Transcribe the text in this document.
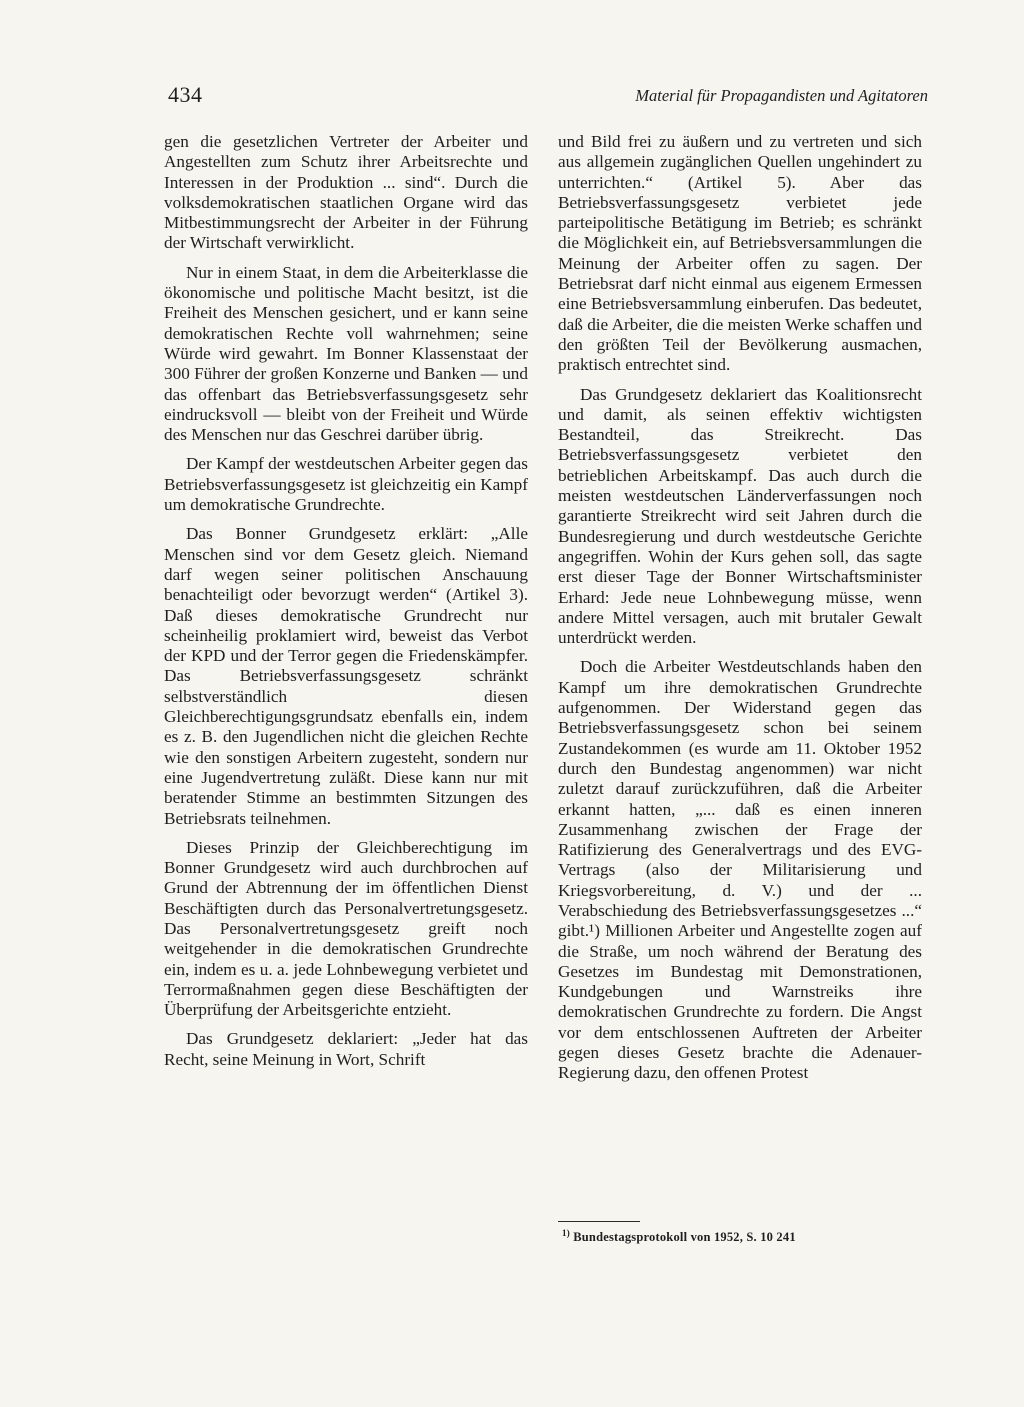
434	Material für Propagandisten und Agitatoren

gen die gesetzlichen Vertreter der Arbeiter und Angestellten zum Schutz ihrer Arbeitsrechte und Interessen in der Produktion ... sind“. Durch die volksdemokratischen staatlichen Organe wird das Mitbestimmungsrecht der Arbeiter in der Führung der Wirtschaft verwirklicht.

Nur in einem Staat, in dem die Arbeiterklasse die ökonomische und politische Macht besitzt, ist die Freiheit des Menschen gesichert, und er kann seine demokratischen Rechte voll wahrnehmen; seine Würde wird gewahrt. Im Bonner Klassenstaat der 300 Führer der großen Konzerne und Banken — und das offenbart das Betriebsverfassungsgesetz sehr eindrucksvoll — bleibt von der Freiheit und Würde des Menschen nur das Geschrei darüber übrig.

Der Kampf der westdeutschen Arbeiter gegen das Betriebsverfassungsgesetz ist gleichzeitig ein Kampf um demokratische Grundrechte.

Das Bonner Grundgesetz erklärt: „Alle Menschen sind vor dem Gesetz gleich. Niemand darf wegen seiner politischen Anschauung benachteiligt oder bevorzugt werden“ (Artikel 3). Daß dieses demokratische Grundrecht nur scheinheilig proklamiert wird, beweist das Verbot der KPD und der Terror gegen die Friedenskämpfer. Das Betriebsverfassungsgesetz schränkt selbstverständlich diesen Gleichberechtigungsgrundsatz ebenfalls ein, indem es z. B. den Jugendlichen nicht die gleichen Rechte wie den sonstigen Arbeitern zugesteht, sondern nur eine Jugendvertretung zuläßt. Diese kann nur mit beratender Stimme an bestimmten Sitzungen des Betriebsrats teilnehmen.

Dieses Prinzip der Gleichberechtigung im Bonner Grundgesetz wird auch durchbrochen auf Grund der Abtrennung der im öffentlichen Dienst Beschäftigten durch das Personalvertretungsgesetz. Das Personalvertretungsgesetz greift noch weitgehender in die demokratischen Grundrechte ein, indem es u. a. jede Lohnbewegung verbietet und Terrormaßnahmen gegen diese Beschäftigten der Überprüfung der Arbeitsgerichte entzieht.

Das Grundgesetz deklariert: „Jeder hat das Recht, seine Meinung in Wort, Schrift

und Bild frei zu äußern und zu vertreten und sich aus allgemein zugänglichen Quellen ungehindert zu unterrichten.“ (Artikel 5). Aber das Betriebsverfassungsgesetz verbietet jede parteipolitische Betätigung im Betrieb; es schränkt die Möglichkeit ein, auf Betriebsversammlungen die Meinung der Arbeiter offen zu sagen. Der Betriebsrat darf nicht einmal aus eigenem Ermessen eine Betriebsversammlung einberufen. Das bedeutet, daß die Arbeiter, die die meisten Werke schaffen und den größten Teil der Bevölkerung ausmachen, praktisch entrechtet sind.

Das Grundgesetz deklariert das Koalitionsrecht und damit, als seinen effektiv wichtigsten Bestandteil, das Streikrecht. Das Betriebsverfassungsgesetz verbietet den betrieblichen Arbeitskampf. Das auch durch die meisten westdeutschen Länderverfassungen noch garantierte Streikrecht wird seit Jahren durch die Bundesregierung und durch westdeutsche Gerichte angegriffen. Wohin der Kurs gehen soll, das sagte erst dieser Tage der Bonner Wirtschaftsminister Erhard: Jede neue Lohnbewegung müsse, wenn andere Mittel versagen, auch mit brutaler Gewalt unterdrückt werden.

Doch die Arbeiter Westdeutschlands haben den Kampf um ihre demokratischen Grundrechte aufgenommen. Der Widerstand gegen das Betriebsverfassungsgesetz schon bei seinem Zustandekommen (es wurde am 11. Oktober 1952 durch den Bundestag angenommen) war nicht zuletzt darauf zurückzuführen, daß die Arbeiter erkannt hatten, „... daß es einen inneren Zusammenhang zwischen der Frage der Ratifizierung des Generalvertrags und des EVG-Vertrags (also der Militarisierung und Kriegsvorbereitung, d. V.) und der ... Verabschiedung des Betriebsverfassungsgesetzes ...“ gibt.¹) Millionen Arbeiter und Angestellte zogen auf die Straße, um noch während der Beratung des Gesetzes im Bundestag mit Demonstrationen, Kundgebungen und Warnstreiks ihre demokratischen Grundrechte zu fordern. Die Angst vor dem entschlossenen Auftreten der Arbeiter gegen dieses Gesetz brachte die Adenauer-Regierung dazu, den offenen Protest

$^{1)}$ Bundestagsprotokoll von 1952, S. 10 241
